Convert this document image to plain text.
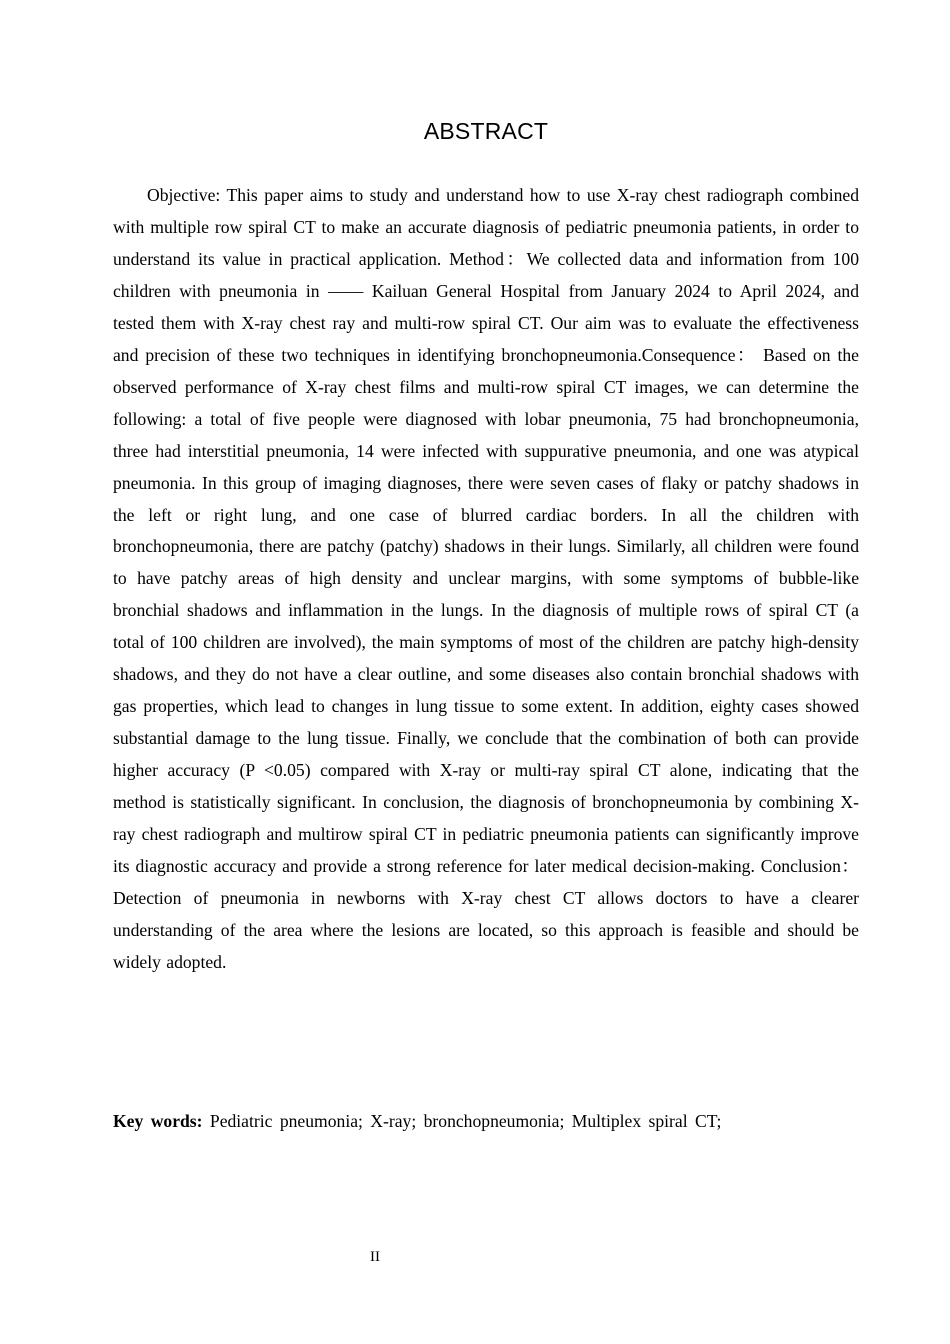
ABSTRACT

Objective: This paper aims to study and understand how to use X-ray chest radiograph combined with multiple row spiral CT to make an accurate diagnosis of pediatric pneumonia patients, in order to understand its value in practical application. Method：We collected data and information from 100 children with pneumonia in —— Kailuan General Hospital from January 2024 to April 2024, and tested them with X-ray chest ray and multi-row spiral CT. Our aim was to evaluate the effectiveness and precision of these two techniques in identifying bronchopneumonia.Consequence： Based on the observed performance of X-ray chest films and multi-row spiral CT images, we can determine the following: a total of five people were diagnosed with lobar pneumonia, 75 had bronchopneumonia, three had interstitial pneumonia, 14 were infected with suppurative pneumonia, and one was atypical pneumonia. In this group of imaging diagnoses, there were seven cases of flaky or patchy shadows in the left or right lung, and one case of blurred cardiac borders. In all the children with bronchopneumonia, there are patchy (patchy) shadows in their lungs. Similarly, all children were found to have patchy areas of high density and unclear margins, with some symptoms of bubble-like bronchial shadows and inflammation in the lungs. In the diagnosis of multiple rows of spiral CT (a total of 100 children are involved), the main symptoms of most of the children are patchy high-density shadows, and they do not have a clear outline, and some diseases also contain bronchial shadows with gas properties, which lead to changes in lung tissue to some extent. In addition, eighty cases showed substantial damage to the lung tissue. Finally, we conclude that the combination of both can provide higher accuracy (P <0.05) compared with X-ray or multi-ray spiral CT alone, indicating that the method is statistically significant. In conclusion, the diagnosis of bronchopneumonia by combining X-ray chest radiograph and multirow spiral CT in pediatric pneumonia patients can significantly improve its diagnostic accuracy and provide a strong reference for later medical decision-making. Conclusion：Detection of pneumonia in newborns with X-ray chest CT allows doctors to have a clearer understanding of the area where the lesions are located, so this approach is feasible and should be widely adopted.

Key words: Pediatric pneumonia; X-ray; bronchopneumonia; Multiplex spiral CT;

II
